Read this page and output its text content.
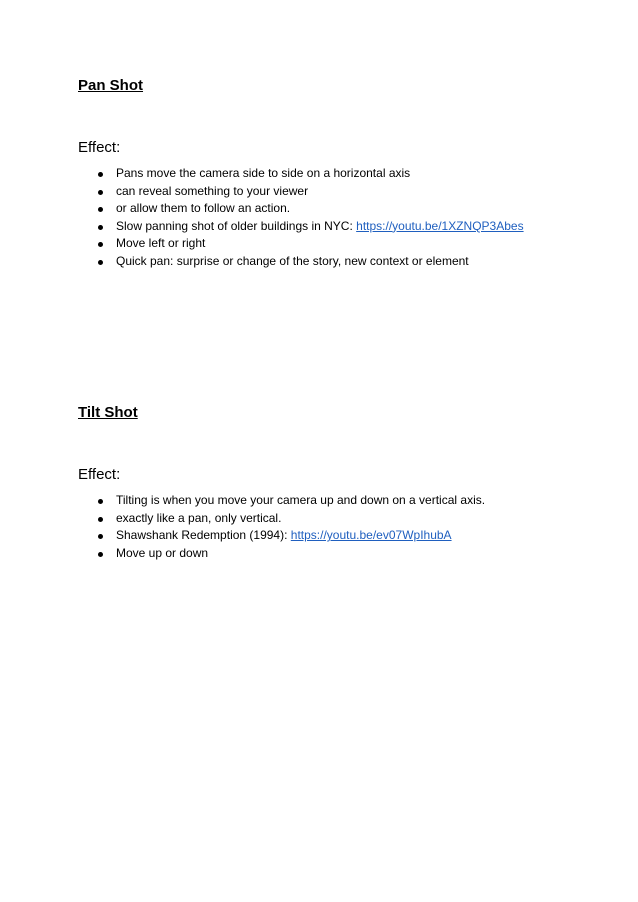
Pan Shot

Effect:

Pans move the camera side to side on a horizontal axis
can reveal something to your viewer
or allow them to follow an action.
Slow panning shot of older buildings in NYC: https://youtu.be/1XZNQP3Abes
Move left or right
Quick pan: surprise or change of the story, new context or element
Tilt Shot

Effect:

Tilting is when you move your camera up and down on a vertical axis.
exactly like a pan, only vertical.
Shawshank Redemption (1994): https://youtu.be/ev07WpIhubA
Move up or down
